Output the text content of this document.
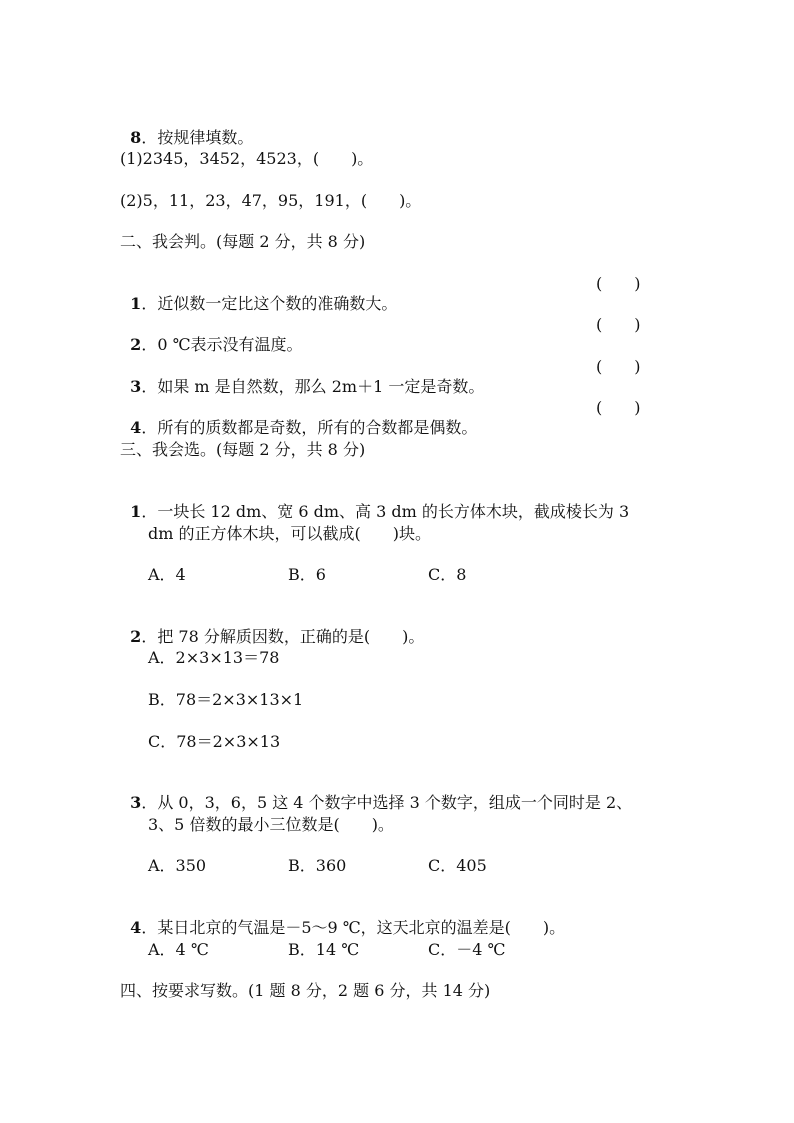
8．按规律填数。

(1)2345，3452，4523，(　　)。
(2)5，11，23，47，95，191，(　　)。
二、我会判。(每题 2 分，共 8 分)

1．近似数一定比这个数的准确数大。

(　　)

2．0 ℃表示没有温度。

(　　)

3．如果 m 是自然数，那么 2m＋1 一定是奇数。

(　　)

4．所有的质数都是奇数，所有的合数都是偶数。

(　　)
三、我会选。(每题 2 分，共 8 分)

1．一块长 12 dm、宽 6 dm、高 3 dm 的长方体木块，截成棱长为 3

dm 的正方体木块，可以截成(　　)块。
A．4	B．6	C．8

2．把 78 分解质因数，正确的是(　　)。

A．2×3×13＝78
B．78＝2×3×13×1
C．78＝2×3×13

3．从 0，3，6，5 这 4 个数字中选择 3 个数字，组成一个同时是 2、

3、5 倍数的最小三位数是(　　)。
A．350	B．360	C．405

4．某日北京的气温是－5～9 ℃，这天北京的温差是(　　)。

A．4 ℃	B．14 ℃	C．－4 ℃
四、按要求写数。(1 题 8 分，2 题 6 分，共 14 分)
